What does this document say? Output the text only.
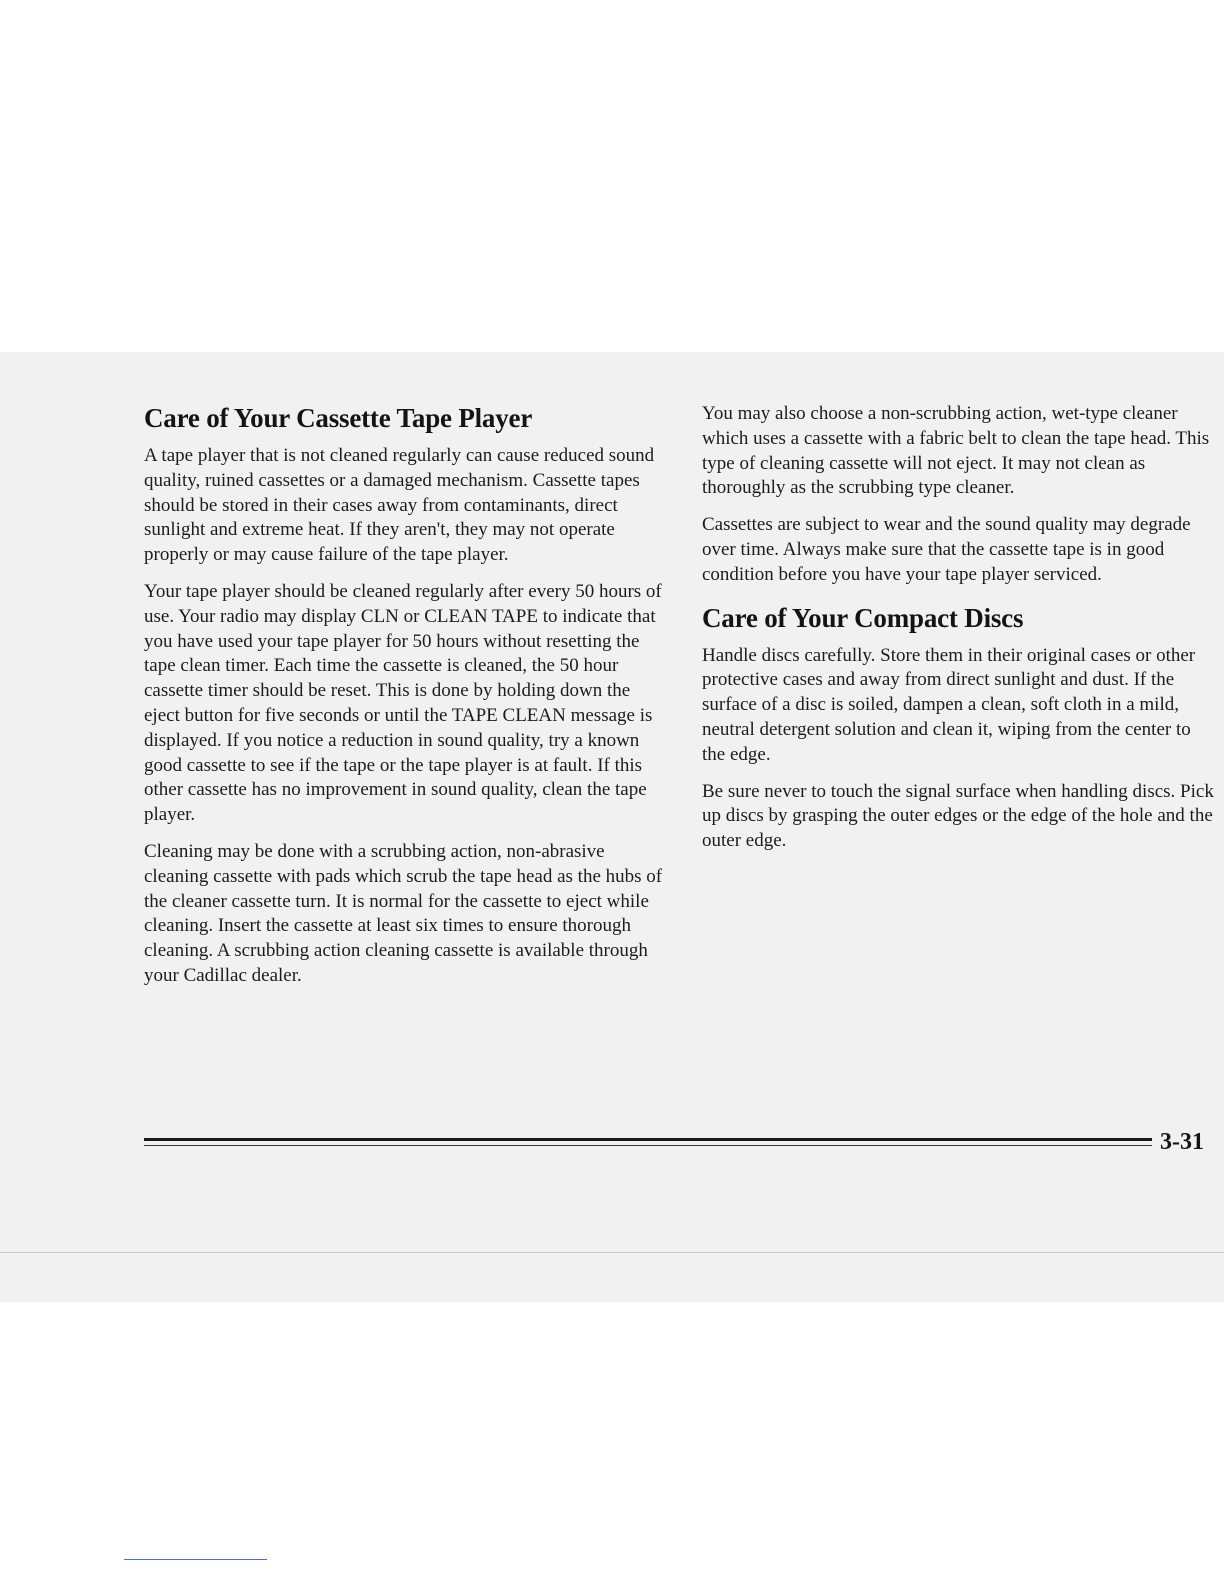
Care of Your Cassette Tape Player

A tape player that is not cleaned regularly can cause reduced sound quality, ruined cassettes or a damaged mechanism. Cassette tapes should be stored in their cases away from contaminants, direct sunlight and extreme heat. If they aren't, they may not operate properly or may cause failure of the tape player.

Your tape player should be cleaned regularly after every 50 hours of use. Your radio may display CLN or CLEAN TAPE to indicate that you have used your tape player for 50 hours without resetting the tape clean timer. Each time the cassette is cleaned, the 50 hour cassette timer should be reset. This is done by holding down the eject button for five seconds or until the TAPE CLEAN message is displayed. If you notice a reduction in sound quality, try a known good cassette to see if the tape or the tape player is at fault. If this other cassette has no improvement in sound quality, clean the tape player.

Cleaning may be done with a scrubbing action, non-abrasive cleaning cassette with pads which scrub the tape head as the hubs of the cleaner cassette turn. It is normal for the cassette to eject while cleaning. Insert the cassette at least six times to ensure thorough cleaning. A scrubbing action cleaning cassette is available through your Cadillac dealer.

You may also choose a non-scrubbing action, wet-type cleaner which uses a cassette with a fabric belt to clean the tape head. This type of cleaning cassette will not eject. It may not clean as thoroughly as the scrubbing type cleaner.

Cassettes are subject to wear and the sound quality may degrade over time. Always make sure that the cassette tape is in good condition before you have your tape player serviced.

Care of Your Compact Discs

Handle discs carefully. Store them in their original cases or other protective cases and away from direct sunlight and dust. If the surface of a disc is soiled, dampen a clean, soft cloth in a mild, neutral detergent solution and clean it, wiping from the center to the edge.

Be sure never to touch the signal surface when handling discs. Pick up discs by grasping the outer edges or the edge of the hole and the outer edge.

3-31
